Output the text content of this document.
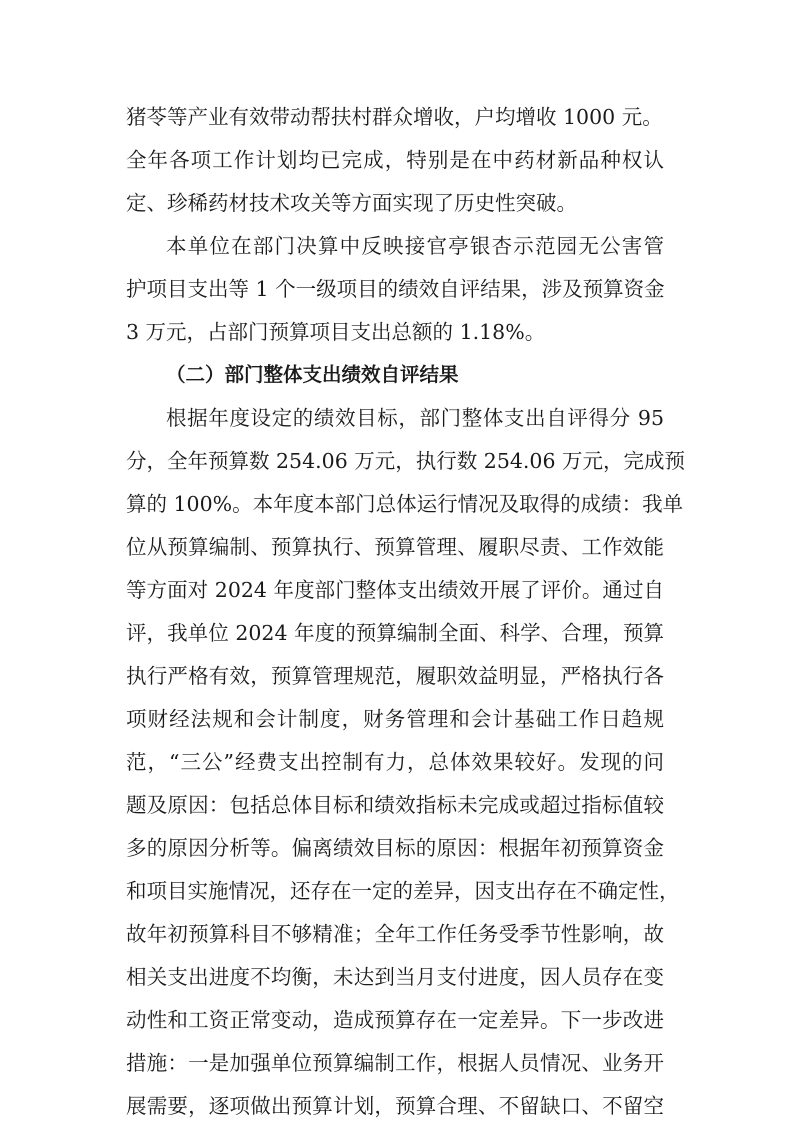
猪苓等产业有效带动帮扶村群众增收，户均增收 1000 元。
全年各项工作计划均已完成，特别是在中药材新品种权认
定、珍稀药材技术攻关等方面实现了历史性突破。
本单位在部门决算中反映接官亭银杏示范园无公害管
护项目支出等 1 个一级项目的绩效自评结果，涉及预算资金
3 万元，占部门预算项目支出总额的 1.18%。
（二）部门整体支出绩效自评结果
根据年度设定的绩效目标，部门整体支出自评得分 95
分，全年预算数 254.06 万元，执行数 254.06 万元，完成预
算的 100%。本年度本部门总体运行情况及取得的成绩：我单
位从预算编制、预算执行、预算管理、履职尽责、工作效能
等方面对 2024 年度部门整体支出绩效开展了评价。通过自
评，我单位 2024 年度的预算编制全面、科学、合理，预算
执行严格有效，预算管理规范，履职效益明显，严格执行各
项财经法规和会计制度，财务管理和会计基础工作日趋规
范，“三公”经费支出控制有力，总体效果较好。发现的问
题及原因：包括总体目标和绩效指标未完成或超过指标值较
多的原因分析等。偏离绩效目标的原因：根据年初预算资金
和项目实施情况，还存在一定的差异，因支出存在不确定性，
故年初预算科目不够精准；全年工作任务受季节性影响，故
相关支出进度不均衡，未达到当月支付进度，因人员存在变
动性和工资正常变动，造成预算存在一定差异。下一步改进
措施：一是加强单位预算编制工作，根据人员情况、业务开
展需要，逐项做出预算计划，预算合理、不留缺口、不留空
